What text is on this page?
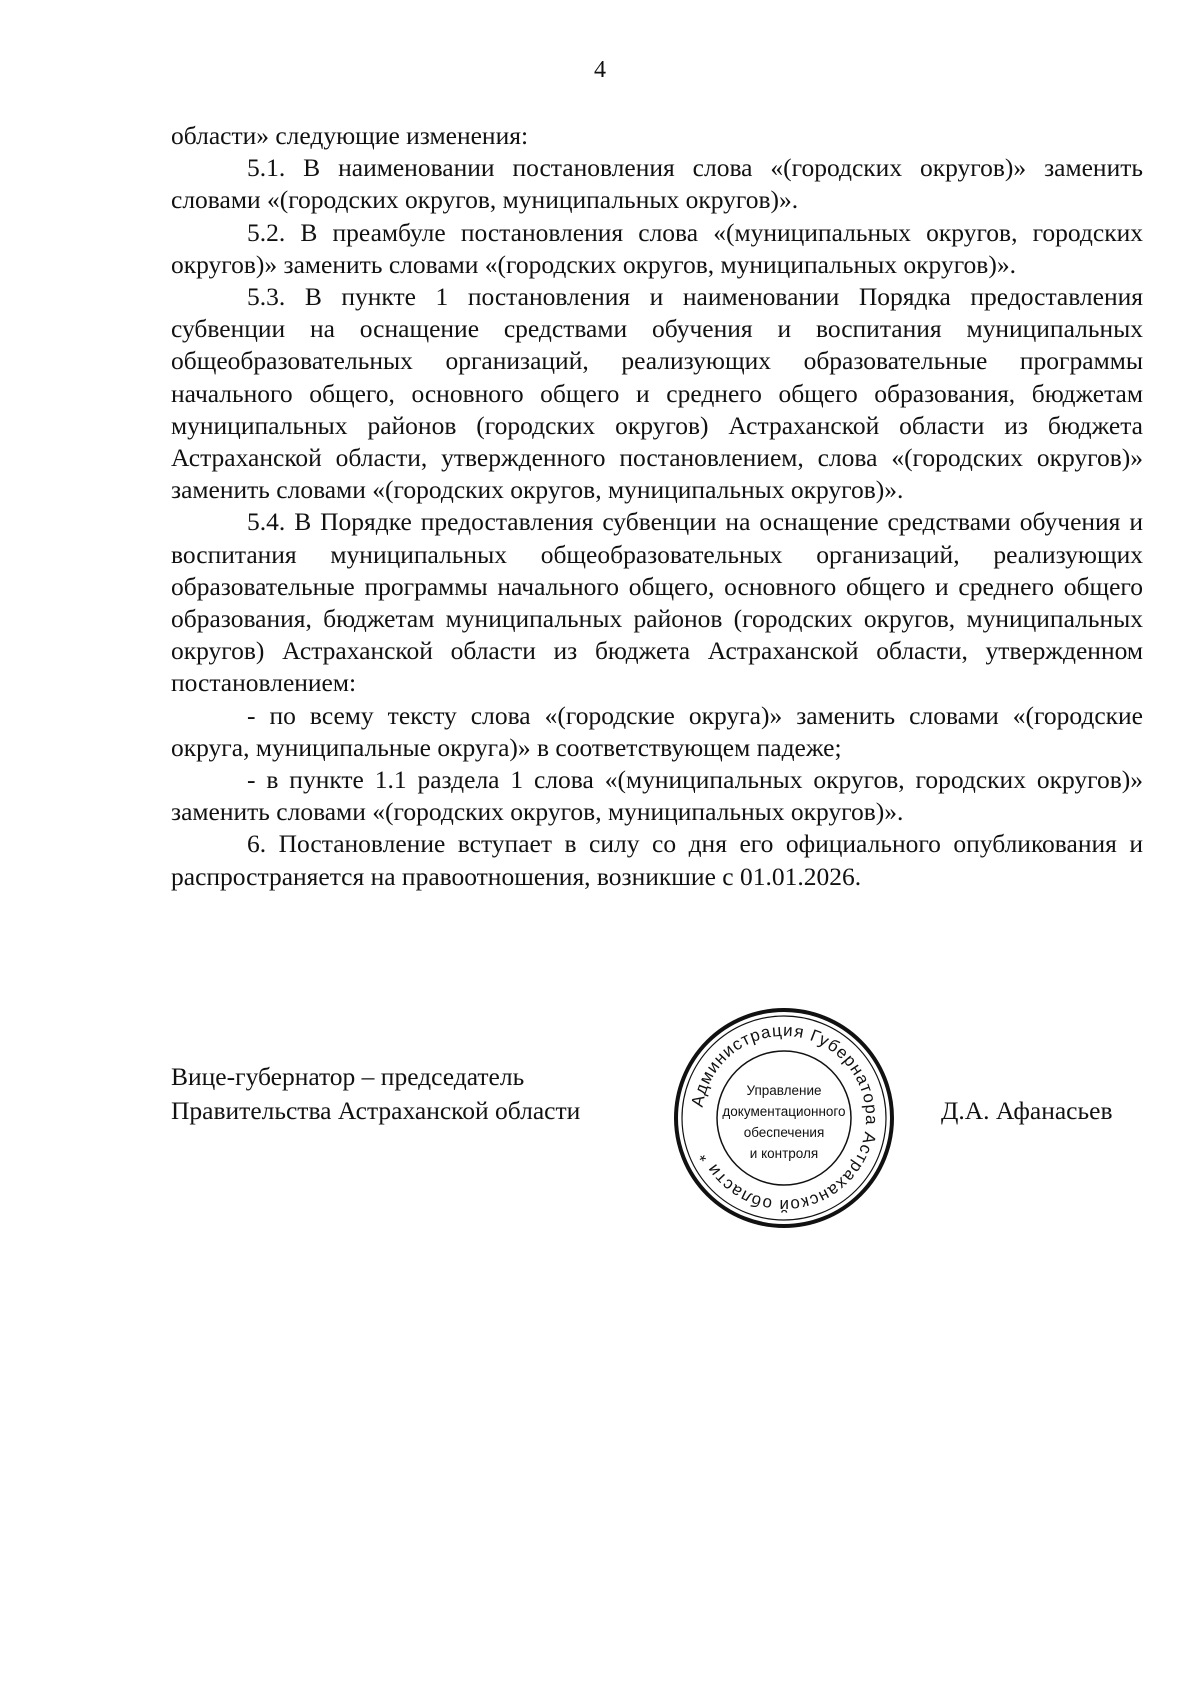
4

области» следующие изменения:

5.1. В наименовании постановления слова «(городских округов)» заменить словами «(городских округов, муниципальных округов)».

5.2. В преамбуле постановления слова «(муниципальных округов, городских округов)» заменить словами «(городских округов, муниципальных округов)».

5.3. В пункте 1 постановления и наименовании Порядка предоставления субвенции на оснащение средствами обучения и воспитания муниципальных общеобразовательных организаций, реализующих образовательные программы начального общего, основного общего и среднего общего образования, бюджетам муниципальных районов (городских округов) Астраханской области из бюджета Астраханской области, утвержденного постановлением, слова «(городских округов)» заменить словами «(городских округов, муниципальных округов)».

5.4. В Порядке предоставления субвенции на оснащение средствами обучения и воспитания муниципальных общеобразовательных организаций, реализующих образовательные программы начального общего, основного общего и среднего общего образования, бюджетам муниципальных районов (городских округов, муниципальных округов) Астраханской области из бюджета Астраханской области, утвержденном постановлением:

- по всему тексту слова «(городские округа)» заменить словами «(городские округа, муниципальные округа)» в соответствующем падеже;

- в пункте 1.1 раздела 1 слова «(муниципальных округов, городских округов)» заменить словами «(городских округов, муниципальных округов)».

6. Постановление вступает в силу со дня его официального опубликования и распространяется на правоотношения, возникшие с 01.01.2026.

Вице-губернатор – председатель
Правительства Астраханской области	Д.А. Афанасьев
Администрация Губернатора Астраханской области *
Управление
документационного
обеспечения
и контроля
